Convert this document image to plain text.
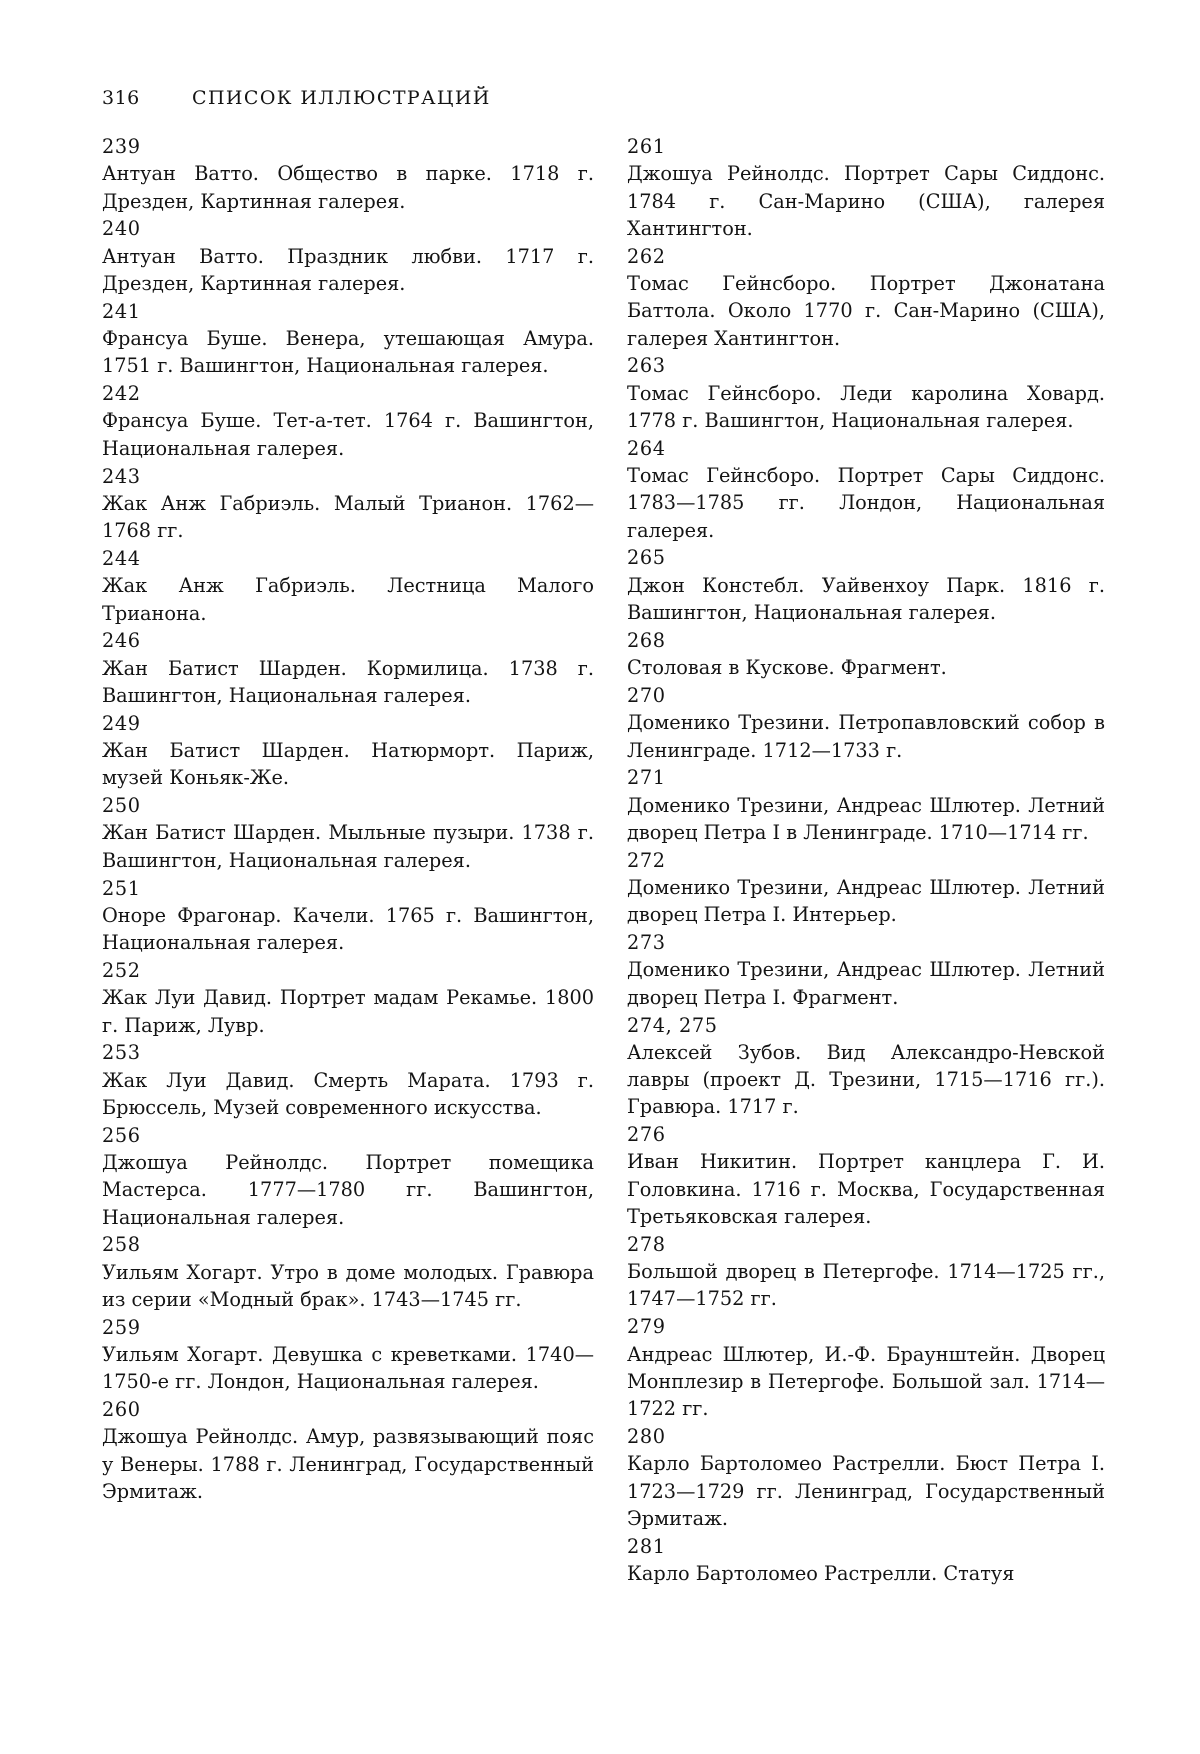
316	СПИСОК ИЛЛЮСТРАЦИЙ
239
Антуан Ватто. Общество в парке. 1718 г. Дрезден, Картинная галерея.
240
Антуан Ватто. Праздник любви. 1717 г. Дрезден, Картинная галерея.
241
Франсуа Буше. Венера, утешающая Амура. 1751 г. Вашингтон, Национальная галерея.
242
Франсуа Буше. Тет-а-тет. 1764 г. Вашингтон, Национальная галерея.
243
Жак Анж Габриэль. Малый Трианон. 1762—1768 гг.
244
Жак Анж Габриэль. Лестница Малого Трианона.
246
Жан Батист Шарден. Кормилица. 1738 г. Вашингтон, Национальная галерея.
249
Жан Батист Шарден. Натюрморт. Париж, музей Коньяк-Же.
250
Жан Батист Шарден. Мыльные пузыри. 1738 г. Вашингтон, Национальная галерея.
251
Оноре Фрагонар. Качели. 1765 г. Вашингтон, Национальная галерея.
252
Жак Луи Давид. Портрет мадам Рекамье. 1800 г. Париж, Лувр.
253
Жак Луи Давид. Смерть Марата. 1793 г. Брюссель, Музей современного искусства.
256
Джошуа Рейнолдс. Портрет помещика Мастерса. 1777—1780 гг. Вашингтон, Национальная галерея.
258
Уильям Хогарт. Утро в доме молодых. Гравюра из серии «Модный брак». 1743—1745 гг.
259
Уильям Хогарт. Девушка с креветками. 1740—1750-е гг. Лондон, Национальная галерея.
260
Джошуа Рейнолдс. Амур, развязывающий пояс у Венеры. 1788 г. Ленинград, Государственный Эрмитаж.
261
Джошуа Рейнолдс. Портрет Сары Сиддонс. 1784 г. Сан-Марино (США), галерея Хантингтон.
262
Томас Гейнсборо. Портрет Джонатана Баттола. Около 1770 г. Сан-Марино (США), галерея Хантингтон.
263
Томас Гейнсборо. Леди каролина Ховард. 1778 г. Вашингтон, Национальная галерея.
264
Томас Гейнсборо. Портрет Сары Сиддонс. 1783—1785 гг. Лондон, Национальная галерея.
265
Джон Констебл. Уайвенхоу Парк. 1816 г. Вашингтон, Национальная галерея.
268
Столовая в Кускове. Фрагмент.
270
Доменико Трезини. Петропавловский собор в Ленинграде. 1712—1733 г.
271
Доменико Трезини, Андреас Шлютер. Летний дворец Петра I в Ленинграде. 1710—1714 гг.
272
Доменико Трезини, Андреас Шлютер. Летний дворец Петра I. Интерьер.
273
Доменико Трезини, Андреас Шлютер. Летний дворец Петра I. Фрагмент.
274, 275
Алексей Зубов. Вид Александро-Невской лавры (проект Д. Трезини, 1715—1716 гг.). Гравюра. 1717 г.
276
Иван Никитин. Портрет канцлера Г. И. Головкина. 1716 г. Москва, Государственная Третьяковская галерея.
278
Большой дворец в Петергофе. 1714—1725 гг., 1747—1752 гг.
279
Андреас Шлютер, И.-Ф. Браунштейн. Дворец Монплезир в Петергофе. Большой зал. 1714—1722 гг.
280
Карло Бартоломео Растрелли. Бюст Петра I. 1723—1729 гг. Ленинград, Государственный Эрмитаж.
281
Карло Бартоломео Растрелли. Статуя
